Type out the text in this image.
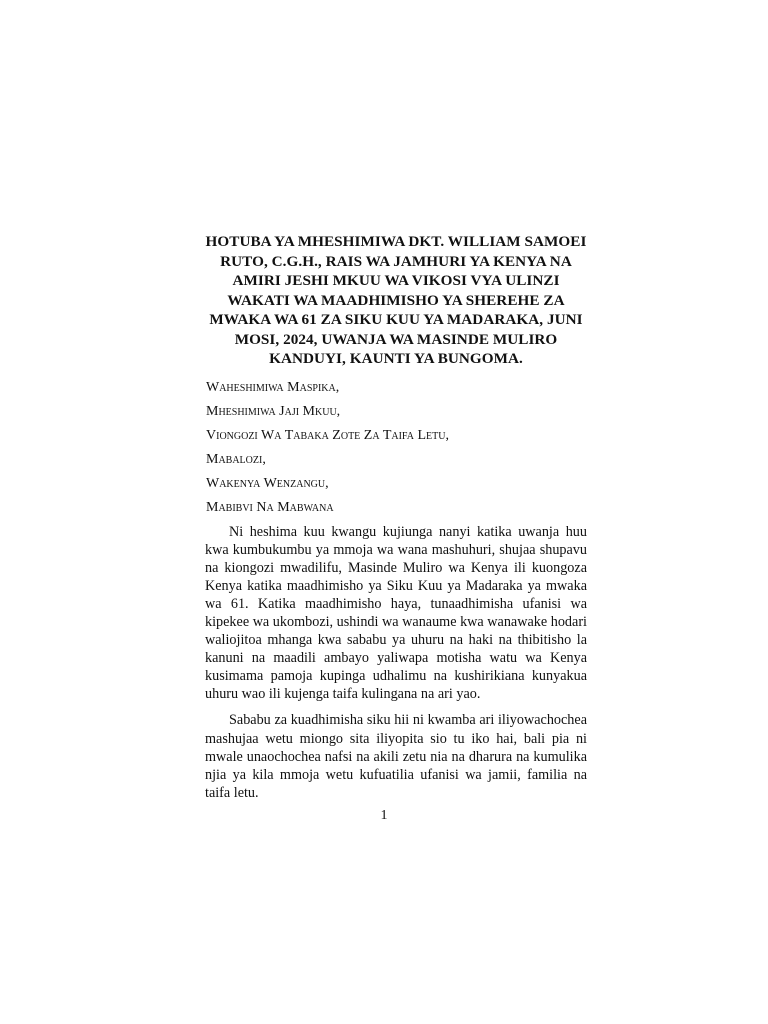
HOTUBA YA MHESHIMIWA DKT. WILLIAM SAMOEI RUTO, C.G.H., RAIS WA JAMHURI YA KENYA NA AMIRI JESHI MKUU WA VIKOSI VYA ULINZI WAKATI WA MAADHIMISHO YA SHEREHE ZA MWAKA WA 61 ZA SIKU KUU YA MADARAKA, JUNI MOSI, 2024, UWANJA WA MASINDE MULIRO KANDUYI, KAUNTI YA BUNGOMA.
Waheshimiwa Maspika,
Mheshimiwa Jaji Mkuu,
Viongozi Wa Tabaka Zote Za Taifa Letu,
Mabalozi,
Wakenya Wenzangu,
Mabibvi Na Mabwana

Ni heshima kuu kwangu kujiunga nanyi katika uwanja huu kwa kumbukumbu ya mmoja wa wana mashuhuri, shujaa shupavu na kiongozi mwadilifu, Masinde Muliro wa Kenya ili kuongoza Kenya katika maadhimisho ya Siku Kuu ya Madaraka ya mwaka wa 61. Katika maadhimisho haya, tunaadhimisha ufanisi wa kipekee wa ukombozi, ushindi wa wanaume kwa wanawake hodari waliojitoa mhanga kwa sababu ya uhuru na haki na thibitisho la kanuni na maadili ambayo yaliwapa motisha watu wa Kenya kusimama pamoja kupinga udhalimu na kushirikiana kunyakua uhuru wao ili kujenga taifa kulingana na ari yao.

Sababu za kuadhimisha siku hii ni kwamba ari iliyowachochea mashujaa wetu miongo sita iliyopita sio tu iko hai, bali pia ni mwale unaochochea nafsi na akili zetu nia na dharura na kumulika njia ya kila mmoja wetu kufuatilia ufanisi wa jamii, familia na taifa letu.

1
